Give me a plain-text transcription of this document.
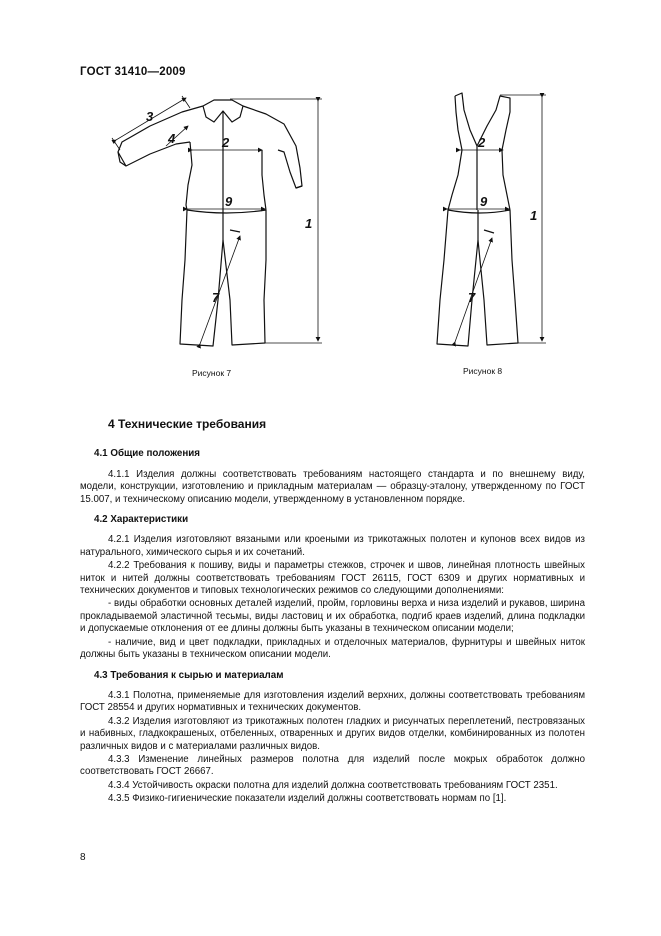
ГОСТ 31410—2009
3
4	2
9
1
7
2
9
1
7
Рисунок 7	Рисунок 8
4 Технические требования
4.1 Общие положения

4.1.1 Изделия должны соответствовать требованиям настоящего стандарта и по внешнему виду, модели, конструкции, изготовлению и прикладным материалам — образцу-эталону, утвержденному по ГОСТ 15.007, и техническому описанию модели, утвержденному в установленном порядке.

4.2 Характеристики

4.2.1 Изделия изготовляют вязаными или кроеными из трикотажных полотен и купонов всех видов из натурального, химического сырья и их сочетаний.

4.2.2 Требования к пошиву, виды и параметры стежков, строчек и швов, линейная плотность швейных ниток и нитей должны соответствовать требованиям ГОСТ 26115, ГОСТ 6309 и других нормативных и технических документов и типовых технологических режимов со следующими дополнениями:

- виды обработки основных деталей изделий, пройм, горловины верха и низа изделий и рукавов, ширина прокладываемой эластичной тесьмы, виды ластовиц и их обработка, подгиб краев изделий, длина подкладки и допускаемые отклонения от ее длины должны быть указаны в техническом описании модели;

- наличие, вид и цвет подкладки, прикладных и отделочных материалов, фурнитуры и швейных ниток должны быть указаны в техническом описании модели.

4.3 Требования к сырью и материалам

4.3.1 Полотна, применяемые для изготовления изделий верхних, должны соответствовать требованиям ГОСТ 28554 и других нормативных и технических документов.

4.3.2 Изделия изготовляют из трикотажных полотен гладких и рисунчатых переплетений, пестровязаных и набивных, гладкокрашеных, отбеленных, отваренных и других видов отделки, комбинированных из полотен различных видов и с материалами различных видов.

4.3.3 Изменение линейных размеров полотна для изделий после мокрых обработок должно соответствовать ГОСТ 26667.

4.3.4 Устойчивость окраски полотна для изделий должна соответствовать требованиям ГОСТ 2351.

4.3.5 Физико-гигиенические показатели изделий должны соответствовать нормам по [1].

8
